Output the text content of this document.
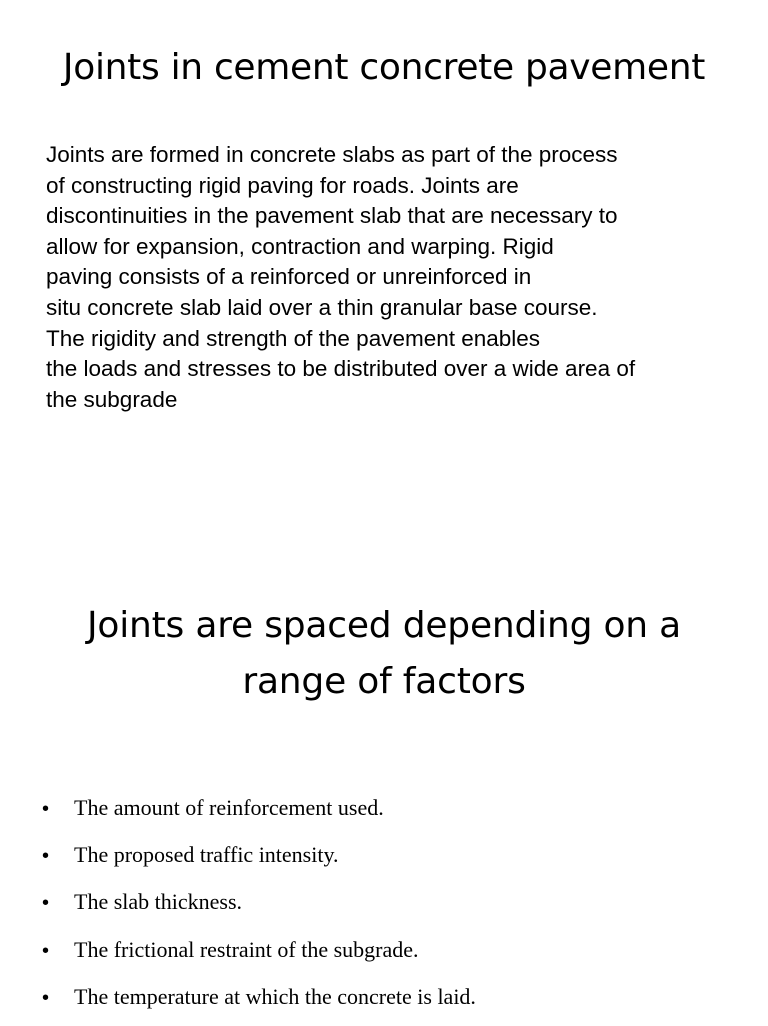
Joints in cement concrete pavement

Joints are formed in concrete slabs as part of the process
of constructing rigid paving for roads. Joints are
discontinuities in the pavement slab that are necessary to
allow for expansion, contraction and warping. Rigid
paving consists of a reinforced or unreinforced in
situ concrete slab laid over a thin granular base course.
The rigidity and strength of the pavement enables
the loads and stresses to be distributed over a wide area of
the subgrade

Joints are spaced depending on a
range of factors
• The amount of reinforcement used.
• The proposed traffic intensity.
• The slab thickness.
• The frictional restraint of the subgrade.
• The temperature at which the concrete is laid.
